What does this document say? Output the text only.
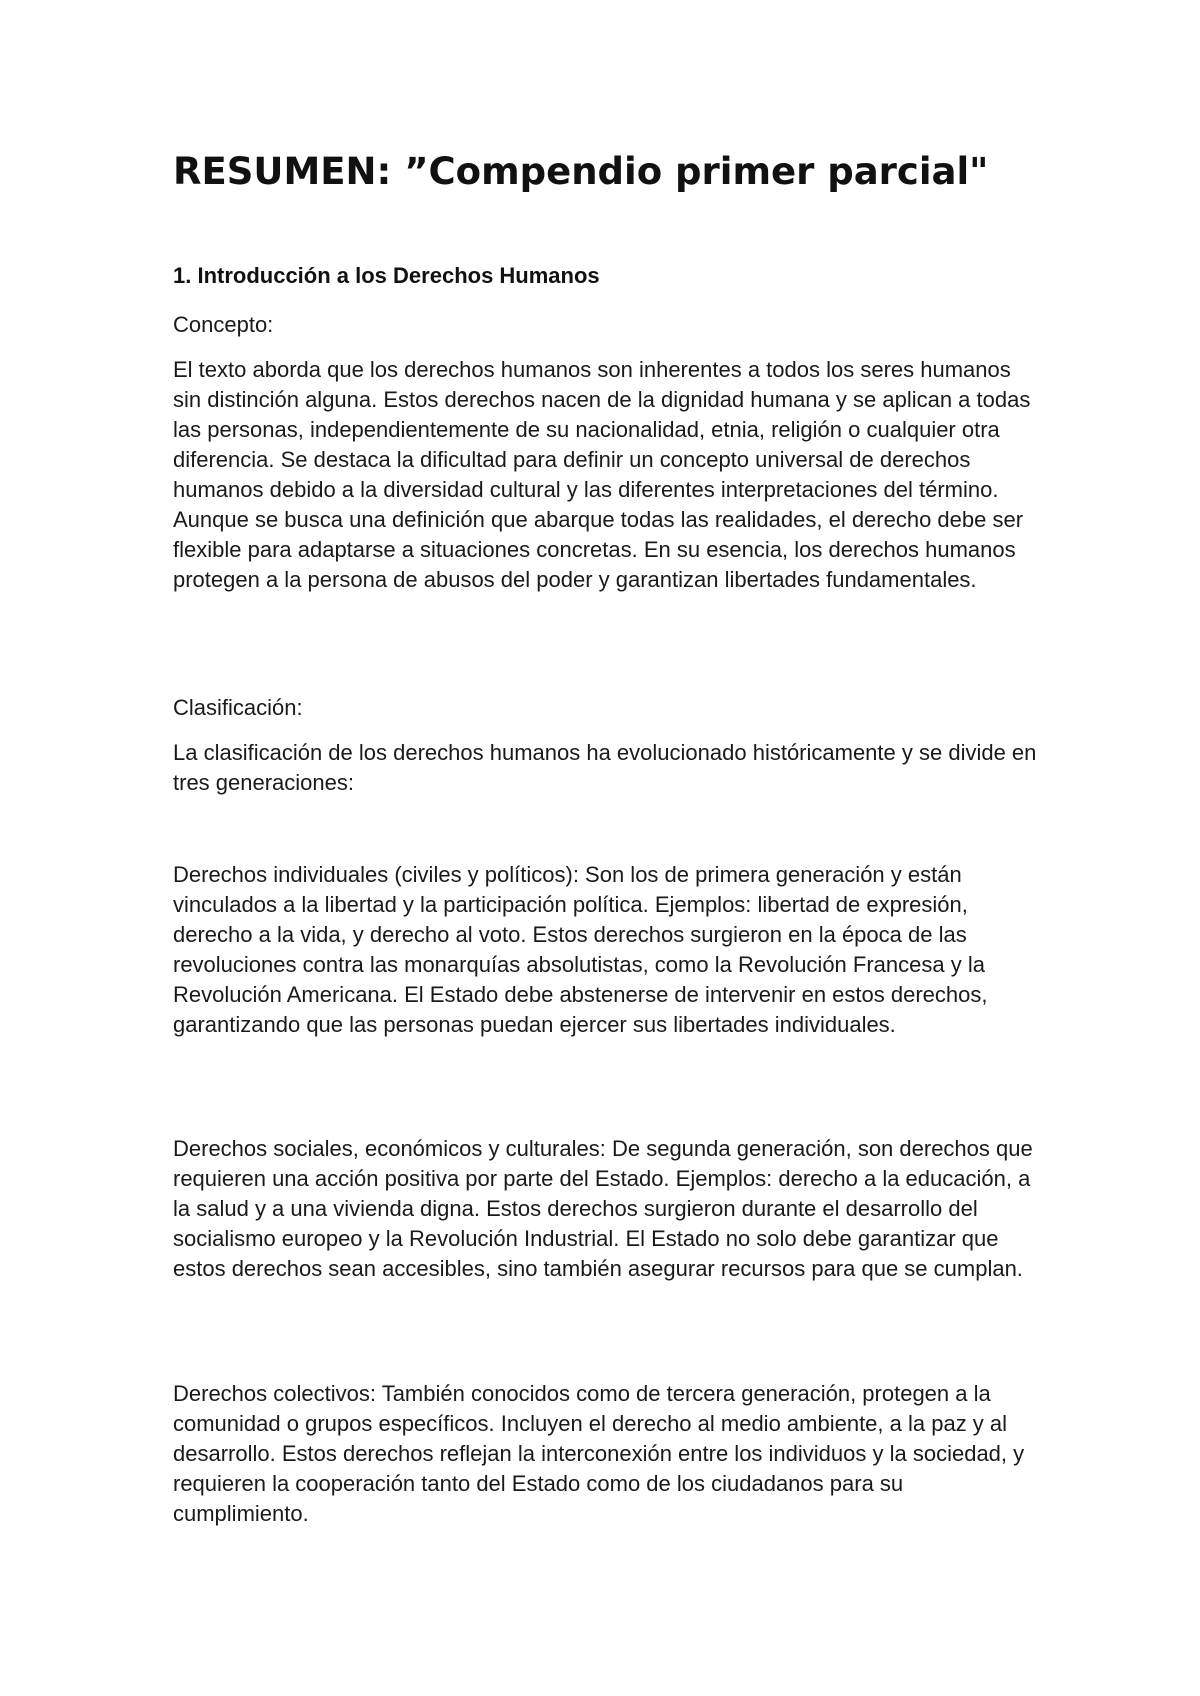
RESUMEN: ”Compendio primer parcial"
1. Introducción a los Derechos Humanos

Concepto:

El texto aborda que los derechos humanos son inherentes a todos los seres humanos sin distinción alguna. Estos derechos nacen de la dignidad humana y se aplican a todas las personas, independientemente de su nacionalidad, etnia, religión o cualquier otra diferencia. Se destaca la dificultad para definir un concepto universal de derechos humanos debido a la diversidad cultural y las diferentes interpretaciones del término. Aunque se busca una definición que abarque todas las realidades, el derecho debe ser flexible para adaptarse a situaciones concretas. En su esencia, los derechos humanos protegen a la persona de abusos del poder y garantizan libertades fundamentales.

Clasificación:

La clasificación de los derechos humanos ha evolucionado históricamente y se divide en tres generaciones:

Derechos individuales (civiles y políticos): Son los de primera generación y están vinculados a la libertad y la participación política. Ejemplos: libertad de expresión, derecho a la vida, y derecho al voto. Estos derechos surgieron en la época de las revoluciones contra las monarquías absolutistas, como la Revolución Francesa y la Revolución Americana. El Estado debe abstenerse de intervenir en estos derechos, garantizando que las personas puedan ejercer sus libertades individuales.

Derechos sociales, económicos y culturales: De segunda generación, son derechos que requieren una acción positiva por parte del Estado. Ejemplos: derecho a la educación, a la salud y a una vivienda digna. Estos derechos surgieron durante el desarrollo del socialismo europeo y la Revolución Industrial. El Estado no solo debe garantizar que estos derechos sean accesibles, sino también asegurar recursos para que se cumplan.

Derechos colectivos: También conocidos como de tercera generación, protegen a la comunidad o grupos específicos. Incluyen el derecho al medio ambiente, a la paz y al desarrollo. Estos derechos reflejan la interconexión entre los individuos y la sociedad, y requieren la cooperación tanto del Estado como de los ciudadanos para su cumplimiento.
